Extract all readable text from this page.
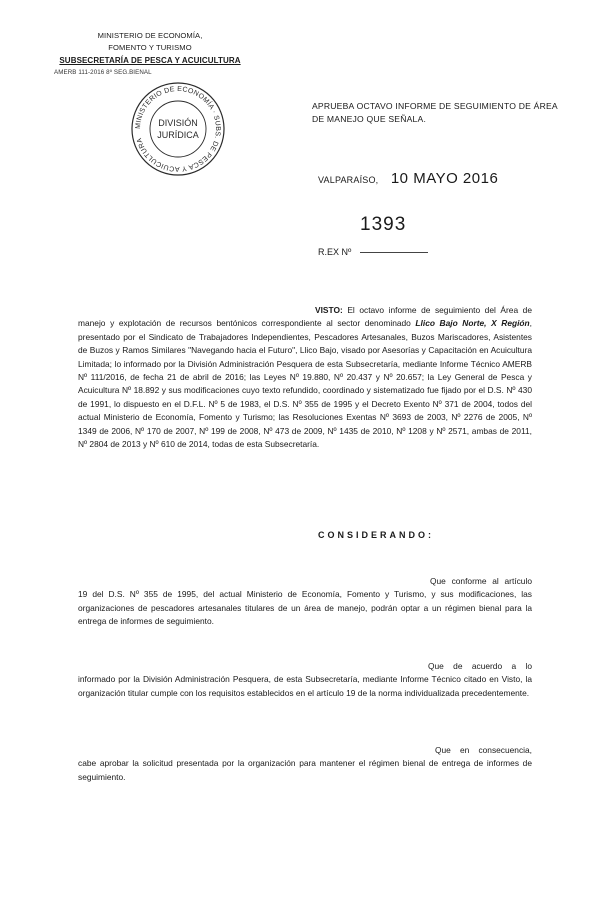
MINISTERIO DE ECONOMÍA,
FOMENTO Y TURISMO
SUBSECRETARÍA DE PESCA Y ACUICULTURA
AMERB 111-2016 8º SEG.BIENAL
MINISTERIO DE ECONOMÍA · SUBS. DE PESCA Y ACUICULTURA
DIVISIÓN
JURÍDICA
APRUEBA OCTAVO INFORME DE SEGUIMIENTO DE ÁREA DE MANEJO QUE SEÑALA.
VALPARAÍSO, 10 MAYO 2016
1393
R.EX Nº
VISTO: El octavo informe de seguimiento del Área de manejo y explotación de recursos bentónicos correspondiente al sector denominado Llico Bajo Norte, X Región, presentado por el Sindicato de Trabajadores Independientes, Pescadores Artesanales, Buzos Mariscadores, Asistentes de Buzos y Ramos Similares "Navegando hacia el Futuro", Llico Bajo, visado por Asesorías y Capacitación en Acuicultura Limitada; lo informado por la División Administración Pesquera de esta Subsecretaría, mediante Informe Técnico AMERB Nº 111/2016, de fecha 21 de abril de 2016; las Leyes Nº 19.880, Nº 20.437 y Nº 20.657; la Ley General de Pesca y Acuicultura Nº 18.892 y sus modificaciones cuyo texto refundido, coordinado y sistematizado fue fijado por el D.S. Nº 430 de 1991, lo dispuesto en el D.F.L. Nº 5 de 1983, el D.S. Nº 355 de 1995 y el Decreto Exento Nº 371 de 2004, todos del actual Ministerio de Economía, Fomento y Turismo; las Resoluciones Exentas Nº 3693 de 2003, Nº 2276 de 2005, Nº 1349 de 2006, Nº 170 de 2007, Nº 199 de 2008, Nº 473 de 2009, Nº 1435 de 2010, Nº 1208 y Nº 2571, ambas de 2011, Nº 2804 de 2013 y Nº 610 de 2014, todas de esta Subsecretaría.
CONSIDERANDO:
Que conforme al artículo 19 del D.S. Nº 355 de 1995, del actual Ministerio de Economía, Fomento y Turismo, y sus modificaciones, las organizaciones de pescadores artesanales titulares de un área de manejo, podrán optar a un régimen bienal para la entrega de informes de seguimiento.
Que de acuerdo a lo informado por la División Administración Pesquera, de esta Subsecretaría, mediante Informe Técnico citado en Visto, la organización titular cumple con los requisitos establecidos en el artículo 19 de la norma individualizada precedentemente.
Que en consecuencia, cabe aprobar la solicitud presentada por la organización para mantener el régimen bienal de entrega de informes de seguimiento.
